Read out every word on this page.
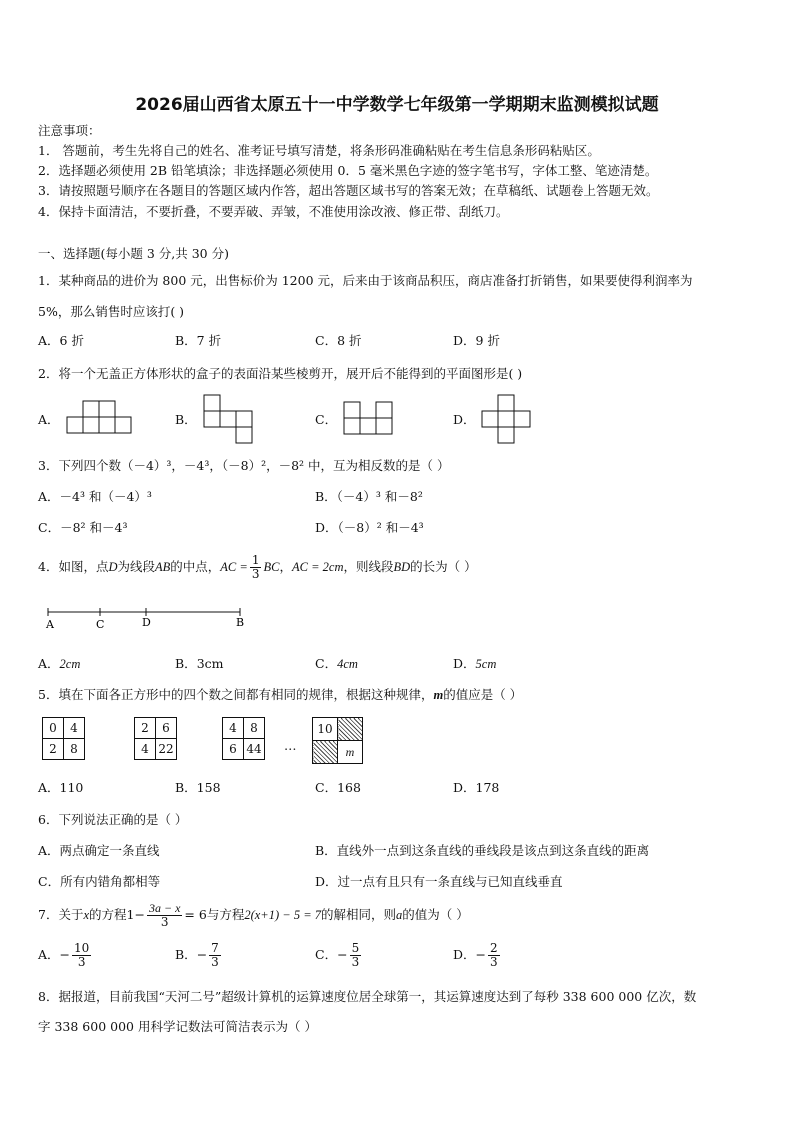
2026届山西省太原五十一中学数学七年级第一学期期末监测模拟试题
注意事项：
1． 答题前，考生先将自己的姓名、准考证号填写清楚，将条形码准确粘贴在考生信息条形码粘贴区。
2．选择题必须使用 2B 铅笔填涂；非选择题必须使用 0．5 毫米黑色字迹的签字笔书写，字体工整、笔迹清楚。
3．请按照题号顺序在各题目的答题区域内作答，超出答题区域书写的答案无效；在草稿纸、试题卷上答题无效。
4．保持卡面清洁，不要折叠，不要弄破、弄皱，不准使用涂改液、修正带、刮纸刀。
一、选择题(每小题 3 分,共 30 分)
1．某种商品的进价为 800 元，出售标价为 1200 元，后来由于该商品积压，商店准备打折销售，如果要使得利润率为
5%，那么销售时应该打( )
A．6 折	B．7 折	C．8 折	D．9 折
2．将一个无盖正方体形状的盒子的表面沿某些棱剪开，展开后不能得到的平面图形是( )
A．	B．	C．	D．
3．下列四个数（－4）³，－4³，（－8）²，－8² 中，互为相反数的是（ ）
A．－4³ 和（－4）³	B．（－4）³ 和－8²
C．－8² 和－4³	D．（－8）² 和－4³
4．如图，点D为线段AB的中点，AC = $\frac{1}{3}$ BC，AC = 2cm，则线段BD的长为（ ）
A	C	D	B
A．2cm	B．3cm	C．4cm	D．5cm
5．填在下面各正方形中的四个数之间都有相同的规律，根据这种规律，m的值应是（ ）
0	4
2	8
2	6
4	22
4	8
6	44 …
10	
	m
A．110	B．158	C．168	D．178
6．下列说法正确的是（ ）
A．两点确定一条直线	B．直线外一点到这条直线的垂线段是该点到这条直线的距离
C．所有内错角都相等	D．过一点有且只有一条直线与已知直线垂直
7．关于x的方程$1- \frac{3a - x}{3} = 6$与方程2(x+1) − 5 = 7的解相同，则a的值为（ ）
A．− $\frac{10}{3}$	B．− $\frac{7}{3}$	C．− $\frac{5}{3}$	D．− $\frac{2}{3}$
8．据报道，目前我国“天河二号”超级计算机的运算速度位居全球第一，其运算速度达到了每秒 338 600 000 亿次，数
字 338 600 000 用科学记数法可简洁表示为（ ）
